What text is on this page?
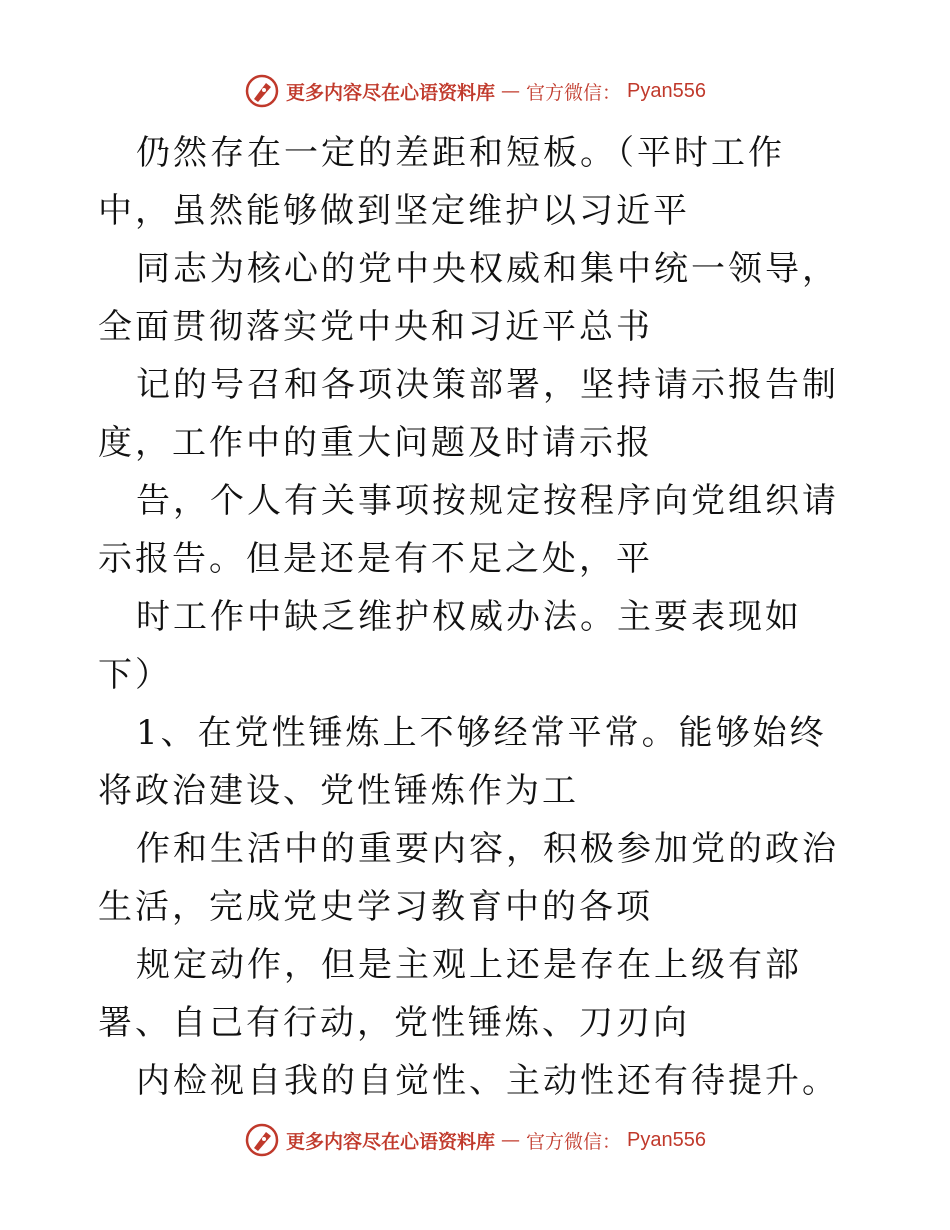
更多内容尽在心语资料库 — 官方微信： Pyan556

仍然存在一定的差距和短板。（平时工作中，虽然能够做到坚定维护以习近平

同志为核心的党中央权威和集中统一领导，全面贯彻落实党中央和习近平总书

记的号召和各项决策部署，坚持请示报告制度，工作中的重大问题及时请示报

告，个人有关事项按规定按程序向党组织请示报告。但是还是有不足之处，平

时工作中缺乏维护权威办法。主要表现如下）

1、在党性锤炼上不够经常平常。能够始终将政治建设、党性锤炼作为工

作和生活中的重要内容，积极参加党的政治生活，完成党史学习教育中的各项

规定动作，但是主观上还是存在上级有部署、自己有行动，党性锤炼、刀刃向

内检视自我的自觉性、主动性还有待提升。

更多内容尽在心语资料库 — 官方微信： Pyan556
